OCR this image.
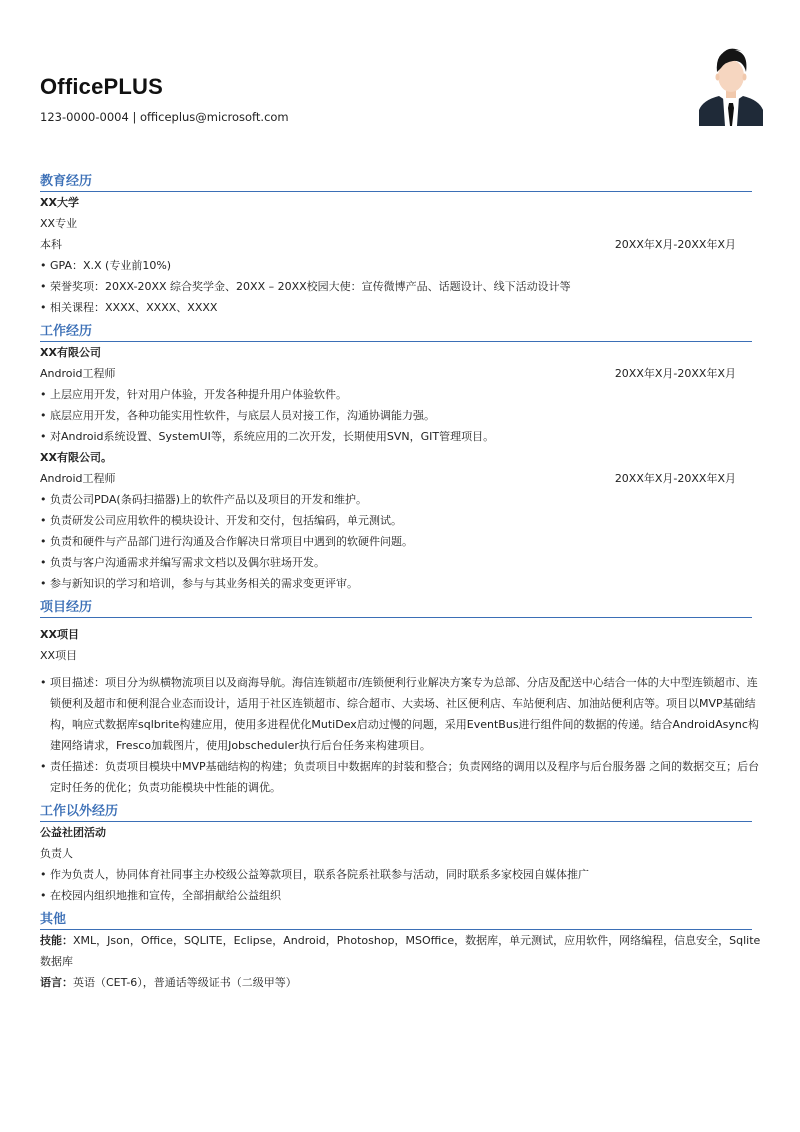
OfficePLUS
123-0000-0004 | officeplus@microsoft.com
教育经历
XX大学
XX专业
本科	20XX年X月-20XX年X月
• GPA：X.X (专业前10%)
• 荣誉奖项：20XX-20XX 综合奖学金、20XX – 20XX校园大使：宣传微博产品、话题设计、线下活动设计等
• 相关课程：XXXX、XXXX、XXXX
工作经历
XX有限公司
Android工程师	20XX年X月-20XX年X月
• 上层应用开发，针对用户体验，开发各种提升用户体验软件。
• 底层应用开发，各种功能实用性软件，与底层人员对接工作，沟通协调能力强。
• 对Android系统设置、SystemUI等，系统应用的二次开发，长期使用SVN，GIT管理项目。
XX有限公司。
Android工程师	20XX年X月-20XX年X月
• 负责公司PDA(条码扫描器)上的软件产品以及项目的开发和维护。
• 负责研发公司应用软件的模块设计、开发和交付，包括编码，单元测试。
• 负责和硬件与产品部门进行沟通及合作解决日常项目中遇到的软硬件问题。
• 负责与客户沟通需求并编写需求文档以及偶尔驻场开发。
• 参与新知识的学习和培训，参与与其业务相关的需求变更评审。
项目经历
XX项目
XX项目
• 项目描述：项目分为纵横物流项目以及商海导航。海信连锁超市/连锁便利行业解决方案专为总部、分店及配送中心结合一体的大中型连锁超市、连锁便利及超市和便利混合业态而设计，适用于社区连锁超市、综合超市、大卖场、社区便利店、车站便利店、加油站便利店等。项目以MVP基础结构，响应式数据库sqlbrite构建应用，使用多进程优化MutiDex启动过慢的问题，采用EventBus进行组件间的数据的传递。结合AndroidAsync构建网络请求，Fresco加载图片，使用Jobscheduler执行后台任务来构建项目。
• 责任描述：负责项目模块中MVP基础结构的构建；负责项目中数据库的封装和整合；负责网络的调用以及程序与后台服务器 之间的数据交互；后台定时任务的优化；负责功能模块中性能的调优。
工作以外经历
公益社团活动
负责人
• 作为负责人，协同体育社同事主办校级公益筹款项目，联系各院系社联参与活动，同时联系多家校园自媒体推广
• 在校园内组织地推和宣传，全部捐献给公益组织
其他
技能：XML，Json，Office，SQLITE，Eclipse，Android，Photoshop，MSOffice，数据库，单元测试，应用软件，网络编程，信息安全，Sqlite数据库
语言：英语（CET-6），普通话等级证书（二级甲等）
